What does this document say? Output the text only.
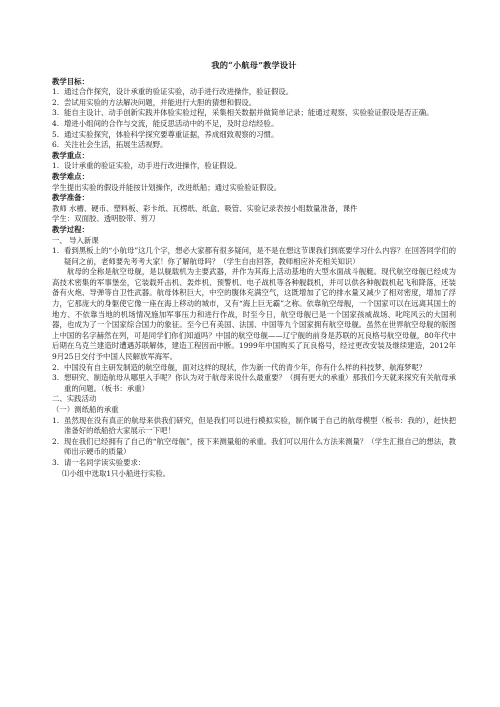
我的“小航母”教学设计

教学目标：

1. 通过合作探究，设计承重的验证实验，动手进行改进操作，验证假设。
2. 尝试用实验的方法解决问题，并能进行大胆的猜想和假设。
3. 能自主设计、动手创新实践并体验实验过程，采集相关数据并做简单记录；能通过观察、实验验证假设是否正确。
4. 增进小组间的合作与交流，能反思活动中的不足，及时总结经验。
5. 通过实验探究，体验科学探究要尊重证据，养成细致观察的习惯。
6. 关注社会生活，拓展生活视野。

教学重点：

1. 设计承重的验证实验，动手进行改进操作，验证假设。

教学难点：

学生提出实验的假设并能按计划操作，改进纸船；通过实验验证假设。

教学准备：

教师 水槽、硬币、塑料板、彩卡纸、瓦楞纸、纸盒、吸管、实验记录表按小组数量准备，课件

学生：双面胶、透明胶带、剪刀

教学过程：

一、 导入新课

1. 看到黑板上的“小航母”这几个字，想必大家都有很多疑问，是不是在想这节课我们到底要学习什么内容？在回答同学们的疑问之前，老师要先考考大家！你了解航母吗？（学生自由回答，教师相应补充相关知识）

航母的全称是航空母舰，是以舰载机为主要武器，并作为其海上活动基地的大型水面战斗舰艇。现代航空母舰已经成为高技术密集的军事堡垒，它装载歼击机、轰炸机、预警机、电子战机等各种舰载机，并可以供各种舰载机起飞和降落，还装备有火炮、导弹等自卫性武器。航母体积巨大，中空的腹体充满空气，这既增加了它的排水量又减少了相对密度，增加了浮力，它那庞大的身躯使它像一座在海上移动的城市，又有“海上巨无霸”之称。依靠航空母舰，一个国家可以在远离其国土的地方、不依靠当地的机场情况施加军事压力和进行作战，时至今日，航空母舰已是一个国家孩威战场、叱咤风云的大国利器，也成为了一个国家综合国力的象征。至今已有美国、法国、中国等九个国家拥有航空母舰。虽然在世界航空母舰的版图上中国的名字赫然在列，可是同学们你们知道吗？中国的航空母舰——辽宁舰的前身是苏联的瓦良格号航空母舰，80年代中后期在乌克兰建造时遭遇苏联解体，建造工程因而中断。1999年中国购买了瓦良格号，经过更改安装及继续建造，2012年9月25日交付予中国人民解放军海军。

2. 中国没有自主研发制造的航空母舰，面对这样的现状，作为新一代的青少年，你有什么样的科技梦、航海梦呢？
3. 想研究、制造航母从哪里入手呢？你认为对于航母来说什么最重要？（拥有更大的承重）那我们今天就来探究有关航母承重的问题。（板书：承重）

二、实践活动

（一）测纸船的承重

1. 虽然现在没有真正的航母来供我们研究，但是我们可以进行模拟实验，制作属于自己的航母模型（板书：我的），赶快把准备好的纸船拾大家展示一下吧！
2. 现在我们已经拥有了自己的“航空母舰”，接下来测量船的承重。我们可以用什么方法来测量？（学生汇报自己的想法，教师出示硬币的质量）
3. 请一名同学读实验要求：

⑴小组中选取1只小船进行实验。
